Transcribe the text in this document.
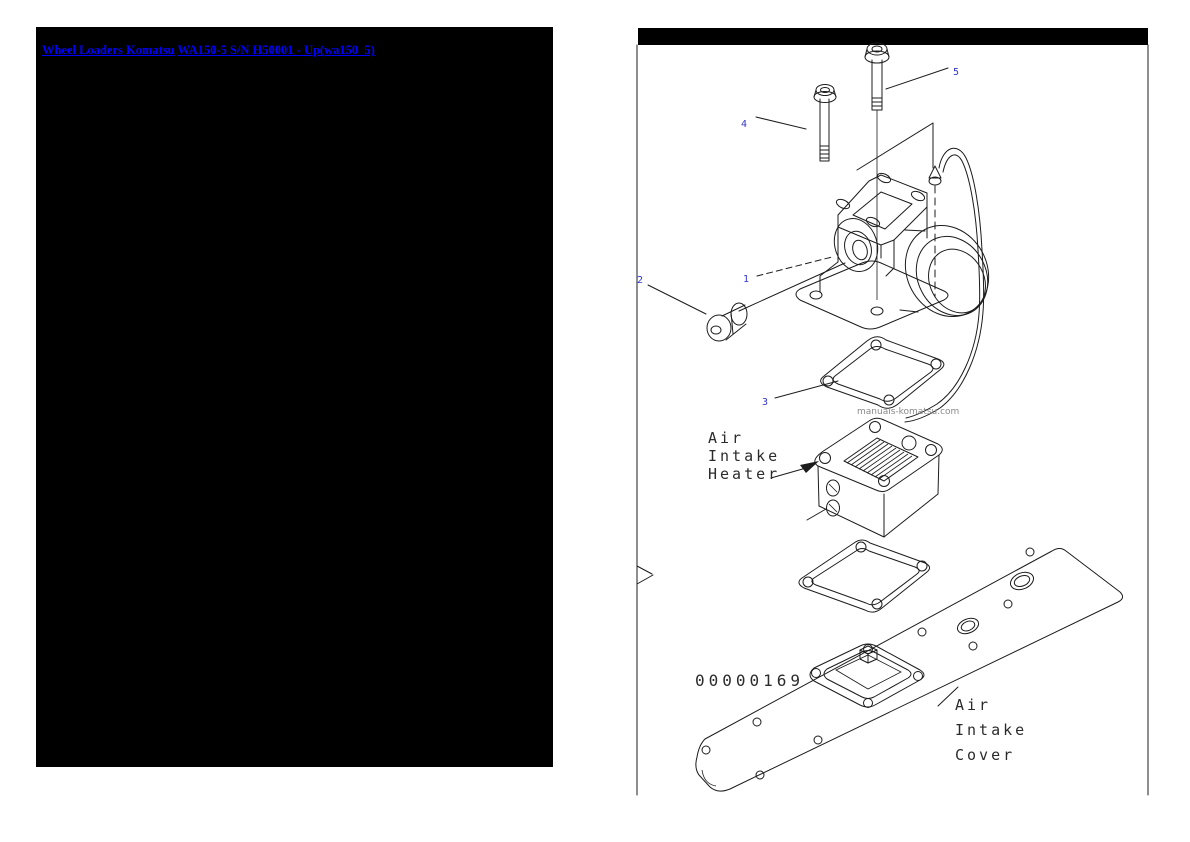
Wheel Loaders Komatsu WA150-5 S/N H50001 - Up(wa150_5)
1
2
3
4
5
Air
Intake
Heater
Air
Intake
Cover
00000169
manuals-komatsu.com
